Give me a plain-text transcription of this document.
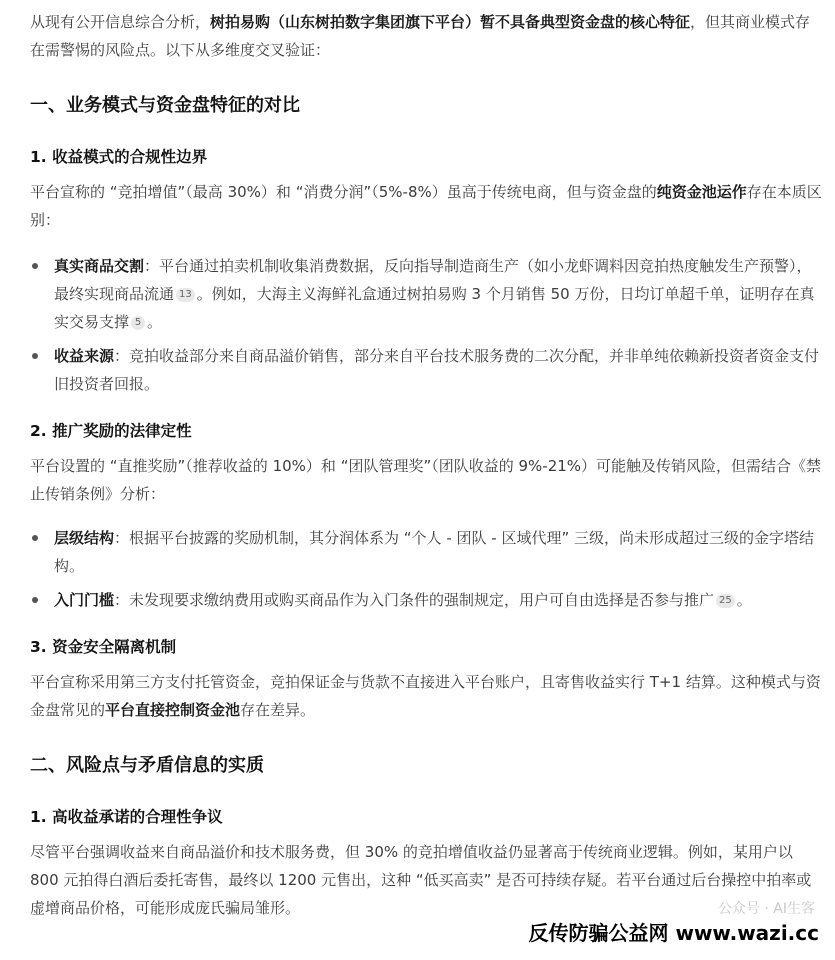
从现有公开信息综合分析，树拍易购（山东树拍数字集团旗下平台）暂不具备典型资金盘的核心特征，但其商业模式存在需警惕的风险点。以下从多维度交叉验证：

一、业务模式与资金盘特征的对比
1. 收益模式的合规性边界

平台宣称的 “竞拍增值”（最高 30%）和 “消费分润”（5%-8%）虽高于传统电商，但与资金盘的纯资金池运作存在本质区别：

真实商品交割：平台通过拍卖机制收集消费数据，反向指导制造商生产（如小龙虾调料因竞拍热度触发生产预警），最终实现商品流通 13 。例如，大海主义海鲜礼盒通过树拍易购 3 个月销售 50 万份，日均订单超千单，证明存在真实交易支撑 5 。
收益来源：竞拍收益部分来自商品溢价销售，部分来自平台技术服务费的二次分配，并非单纯依赖新投资者资金支付旧投资者回报。
2. 推广奖励的法律定性

平台设置的 “直推奖励”（推荐收益的 10%）和 “团队管理奖”（团队收益的 9%-21%）可能触及传销风险，但需结合《禁止传销条例》分析：

层级结构：根据平台披露的奖励机制，其分润体系为 “个人 - 团队 - 区域代理” 三级，尚未形成超过三级的金字塔结构。
入门门槛：未发现要求缴纳费用或购买商品作为入门条件的强制规定，用户可自由选择是否参与推广 25 。
3. 资金安全隔离机制

平台宣称采用第三方支付托管资金，竞拍保证金与货款不直接进入平台账户，且寄售收益实行 T+1 结算。这种模式与资金盘常见的平台直接控制资金池存在差异。

二、风险点与矛盾信息的实质
1. 高收益承诺的合理性争议

尽管平台强调收益来自商品溢价和技术服务费，但 30% 的竞拍增值收益仍显著高于传统商业逻辑。例如，某用户以 800 元拍得白酒后委托寄售，最终以 1200 元售出，这种 “低买高卖” 是否可持续存疑。若平台通过后台操控中拍率或虚增商品价格，可能形成庞氏骗局雏形。	公众号 · AI生客
反传防骗公益网 www.wazi.cc
